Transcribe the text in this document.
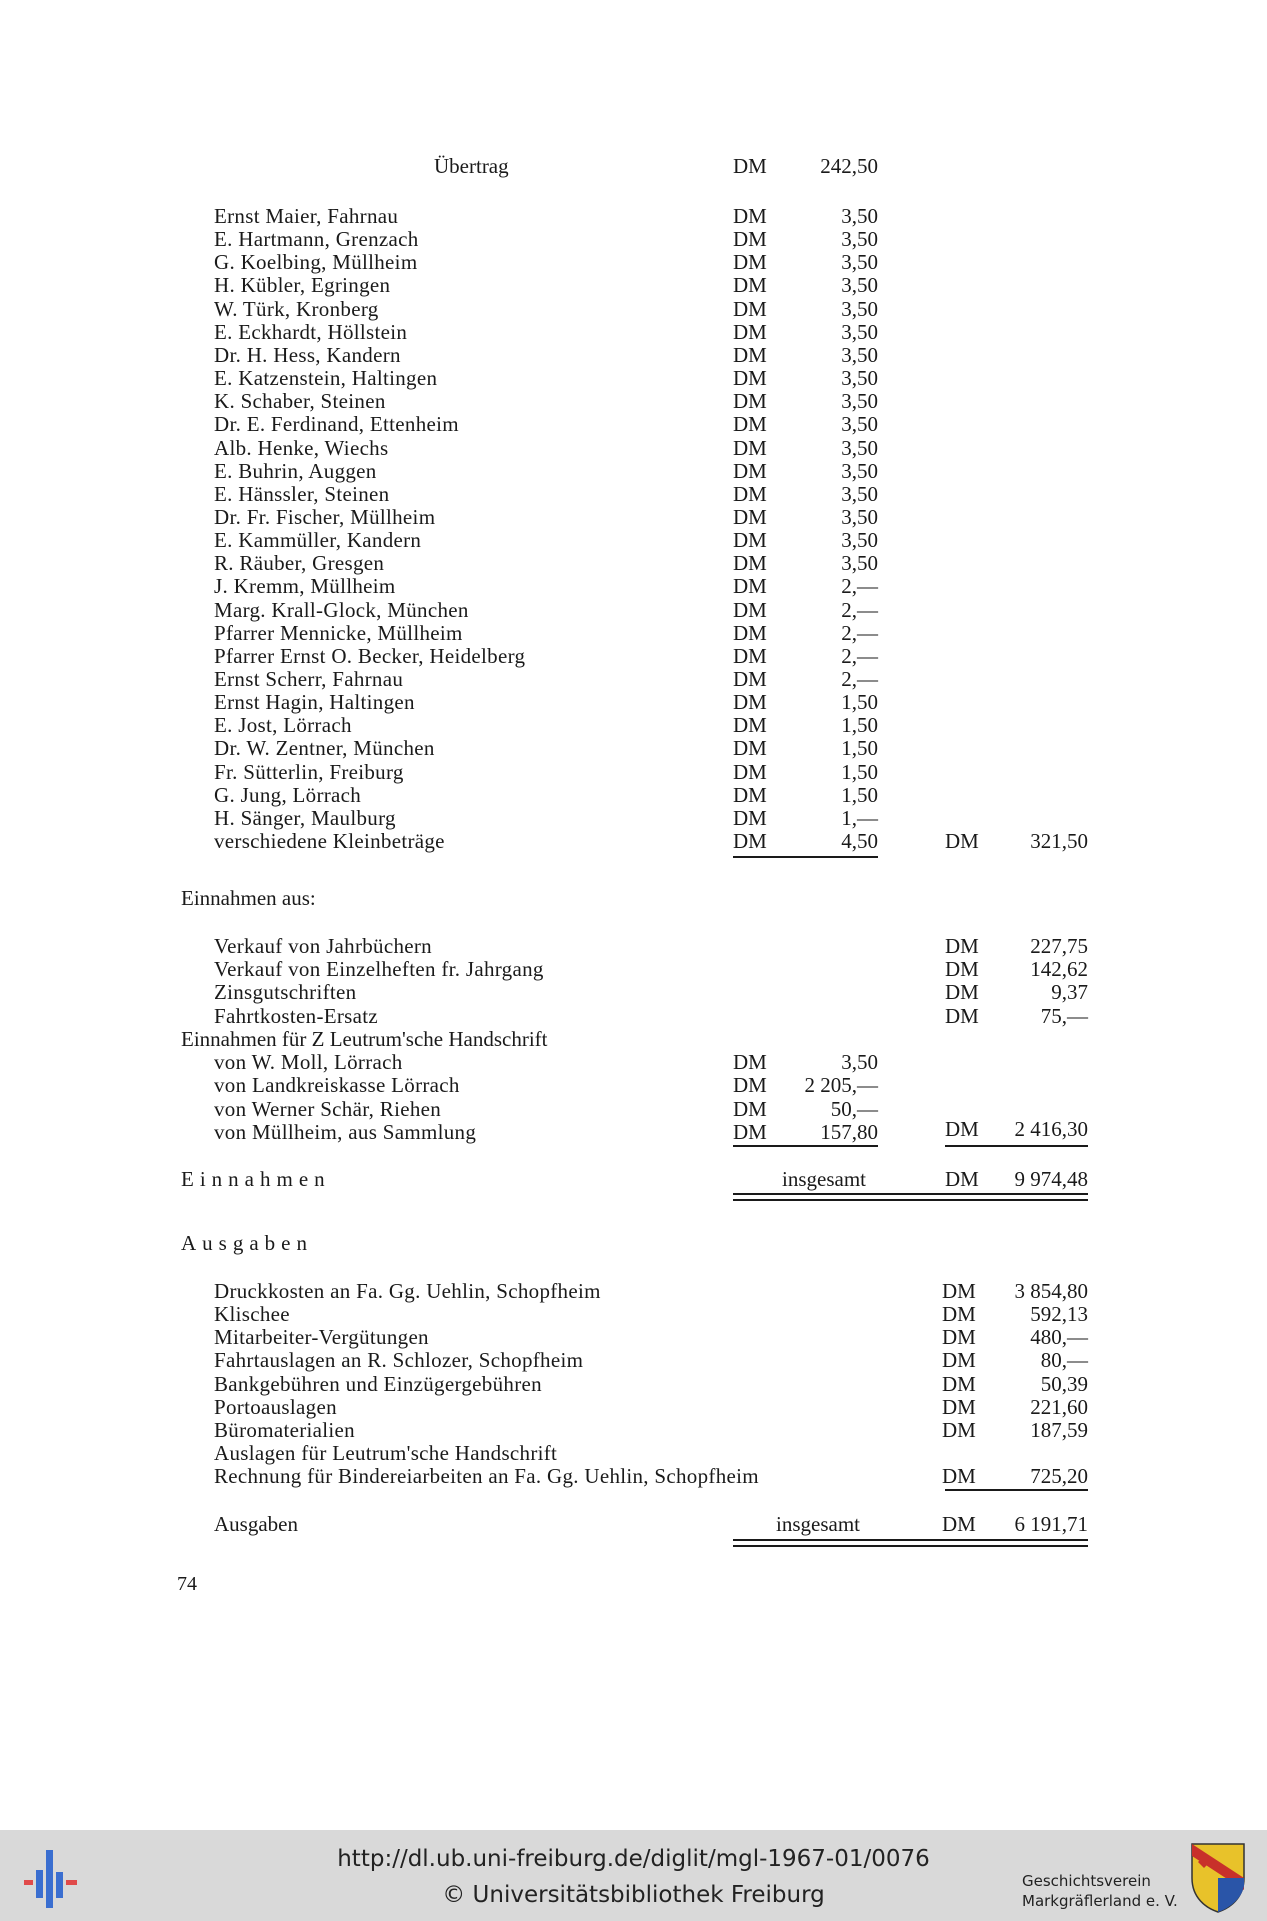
Übertrag	DM	242,50
Ernst Maier, Fahrnau	DM	3,50
E. Hartmann, Grenzach	DM	3,50
G. Koelbing, Müllheim	DM	3,50
H. Kübler, Egringen	DM	3,50
W. Türk, Kronberg	DM	3,50
E. Eckhardt, Höllstein	DM	3,50
Dr. H. Hess, Kandern	DM	3,50
E. Katzenstein, Haltingen	DM	3,50
K. Schaber, Steinen	DM	3,50
Dr. E. Ferdinand, Ettenheim	DM	3,50
Alb. Henke, Wiechs	DM	3,50
E. Buhrin, Auggen	DM	3,50
E. Hänssler, Steinen	DM	3,50
Dr. Fr. Fischer, Müllheim	DM	3,50
E. Kammüller, Kandern	DM	3,50
R. Räuber, Gresgen	DM	3,50
J. Kremm, Müllheim	DM	2,—
Marg. Krall-Glock, München	DM	2,—
Pfarrer Mennicke, Müllheim	DM	2,—
Pfarrer Ernst O. Becker, Heidelberg	DM	2,—
Ernst Scherr, Fahrnau	DM	2,—
Ernst Hagin, Haltingen	DM	1,50
E. Jost, Lörrach	DM	1,50
Dr. W. Zentner, München	DM	1,50
Fr. Sütterlin, Freiburg	DM	1,50
G. Jung, Lörrach	DM	1,50
H. Sänger, Maulburg	DM	1,—
verschiedene Kleinbeträge	DM	4,50	DM	321,50
Einnahmen aus:
Verkauf von Jahrbüchern	DM	227,75
Verkauf von Einzelheften fr. Jahrgang	DM	142,62
Zinsgutschriften	DM	9,37
Fahrtkosten-Ersatz	DM	75,—
Einnahmen für Z Leutrum'sche Handschrift
von W. Moll, Lörrach	DM	3,50
von Landkreiskasse Lörrach	DM	2 205,—
von Werner Schär, Riehen	DM	50,—
von Müllheim, aus Sammlung	DM	157,80	DM	2 416,30
Einnahmen	insgesamt	DM	9 974,48
Ausgaben
Druckkosten an Fa. Gg. Uehlin, Schopfheim	DM	3 854,80
Klischee	DM	592,13
Mitarbeiter-Vergütungen	DM	480,—
Fahrtauslagen an R. Schlozer, Schopfheim	DM	80,—
Bankgebühren und Einzügergebühren	DM	50,39
Portoauslagen	DM	221,60
Büromaterialien	DM	187,59
Auslagen für Leutrum'sche Handschrift
Rechnung für Bindereiarbeiten an Fa. Gg. Uehlin, Schopfheim	DM	725,20
Ausgaben	insgesamt	DM	6 191,71
74
http://dl.ub.uni-freiburg.de/diglit/mgl-1967-01/0076
© Universitätsbibliothek Freiburg
Geschichtsverein
Markgräflerland e. V.
